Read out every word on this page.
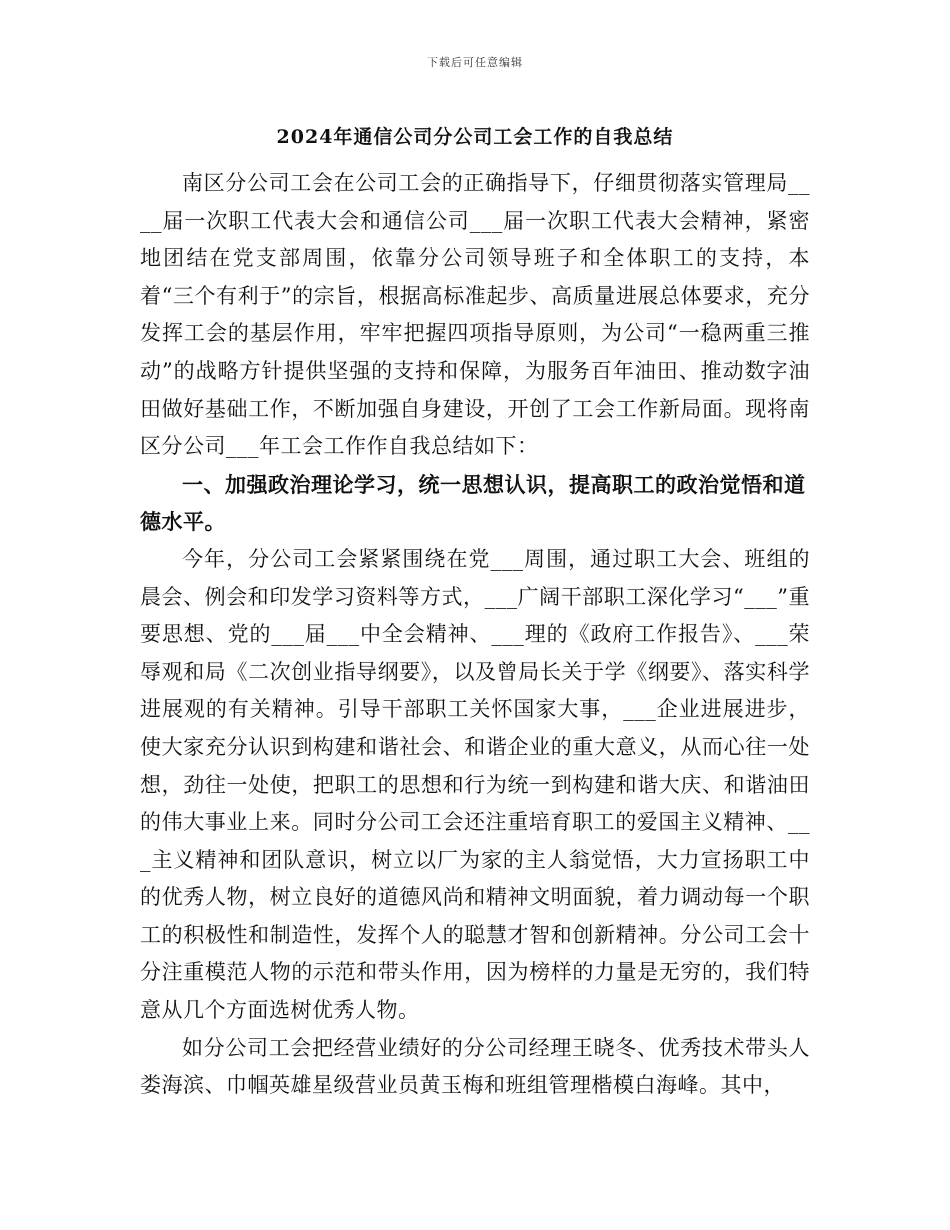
下载后可任意编辑
2024年通信公司分公司工会工作的自我总结

南区分公司工会在公司工会的正确指导下，仔细贯彻落实管理局____届一次职工代表大会和通信公司___届一次职工代表大会精神，紧密地团结在党支部周围，依靠分公司领导班子和全体职工的支持，本着“三个有利于”的宗旨，根据高标准起步、高质量进展总体要求，充分发挥工会的基层作用，牢牢把握四项指导原则，为公司“一稳两重三推动”的战略方针提供坚强的支持和保障，为服务百年油田、推动数字油田做好基础工作，不断加强自身建设，开创了工会工作新局面。现将南区分公司___年工会工作作自我总结如下：

一、加强政治理论学习，统一思想认识，提高职工的政治觉悟和道德水平。

今年，分公司工会紧紧围绕在党___周围，通过职工大会、班组的晨会、例会和印发学习资料等方式，___广阔干部职工深化学习“___”重要思想、党的___届___中全会精神、___理的《政府工作报告》、___荣辱观和局《二次创业指导纲要》，以及曾局长关于学《纲要》、落实科学进展观的有关精神。引导干部职工关怀国家大事，___企业进展进步，使大家充分认识到构建和谐社会、和谐企业的重大意义，从而心往一处想，劲往一处使，把职工的思想和行为统一到构建和谐大庆、和谐油田的伟大事业上来。同时分公司工会还注重培育职工的爱国主义精神、___主义精神和团队意识，树立以厂为家的主人翁觉悟，大力宣扬职工中的优秀人物，树立良好的道德风尚和精神文明面貌，着力调动每一个职工的积极性和制造性，发挥个人的聪慧才智和创新精神。分公司工会十分注重模范人物的示范和带头作用，因为榜样的力量是无穷的，我们特意从几个方面选树优秀人物。

如分公司工会把经营业绩好的分公司经理王晓冬、优秀技术带头人娄海滨、巾帼英雄星级营业员黄玉梅和班组管理楷模白海峰。其中，
